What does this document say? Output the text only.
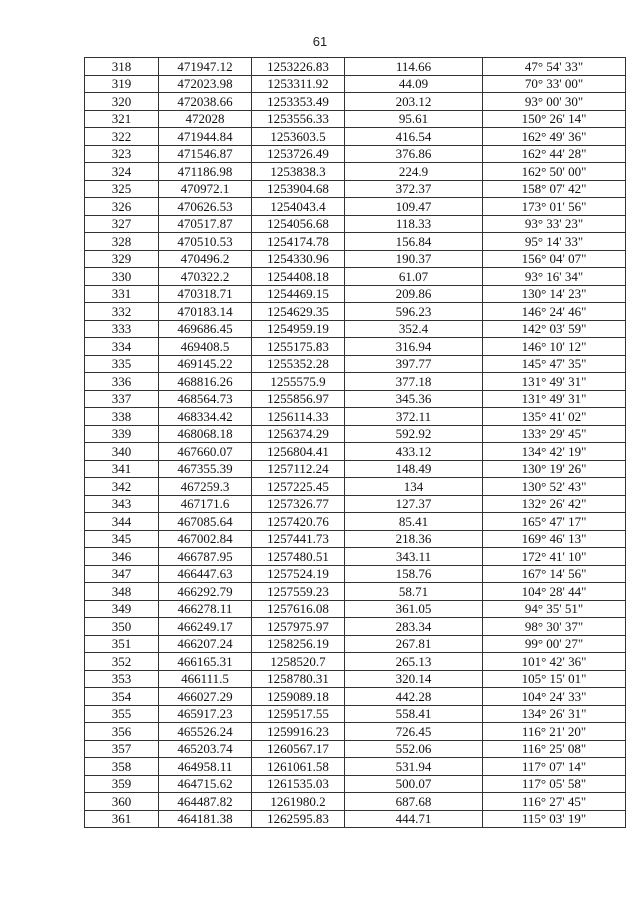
61
318	471947.12	1253226.83	114.66	47° 54' 33"
319	472023.98	1253311.92	44.09	70° 33' 00"
320	472038.66	1253353.49	203.12	93° 00' 30"
321	472028	1253556.33	95.61	150° 26' 14"
322	471944.84	1253603.5	416.54	162° 49' 36"
323	471546.87	1253726.49	376.86	162° 44' 28"
324	471186.98	1253838.3	224.9	162° 50' 00"
325	470972.1	1253904.68	372.37	158° 07' 42"
326	470626.53	1254043.4	109.47	173° 01' 56"
327	470517.87	1254056.68	118.33	93° 33' 23"
328	470510.53	1254174.78	156.84	95° 14' 33"
329	470496.2	1254330.96	190.37	156° 04' 07"
330	470322.2	1254408.18	61.07	93° 16' 34"
331	470318.71	1254469.15	209.86	130° 14' 23"
332	470183.14	1254629.35	596.23	146° 24' 46"
333	469686.45	1254959.19	352.4	142° 03' 59"
334	469408.5	1255175.83	316.94	146° 10' 12"
335	469145.22	1255352.28	397.77	145° 47' 35"
336	468816.26	1255575.9	377.18	131° 49' 31"
337	468564.73	1255856.97	345.36	131° 49' 31"
338	468334.42	1256114.33	372.11	135° 41' 02"
339	468068.18	1256374.29	592.92	133° 29' 45"
340	467660.07	1256804.41	433.12	134° 42' 19"
341	467355.39	1257112.24	148.49	130° 19' 26"
342	467259.3	1257225.45	134	130° 52' 43"
343	467171.6	1257326.77	127.37	132° 26' 42"
344	467085.64	1257420.76	85.41	165° 47' 17"
345	467002.84	1257441.73	218.36	169° 46' 13"
346	466787.95	1257480.51	343.11	172° 41' 10"
347	466447.63	1257524.19	158.76	167° 14' 56"
348	466292.79	1257559.23	58.71	104° 28' 44"
349	466278.11	1257616.08	361.05	94° 35' 51"
350	466249.17	1257975.97	283.34	98° 30' 37"
351	466207.24	1258256.19	267.81	99° 00' 27"
352	466165.31	1258520.7	265.13	101° 42' 36"
353	466111.5	1258780.31	320.14	105° 15' 01"
354	466027.29	1259089.18	442.28	104° 24' 33"
355	465917.23	1259517.55	558.41	134° 26' 31"
356	465526.24	1259916.23	726.45	116° 21' 20"
357	465203.74	1260567.17	552.06	116° 25' 08"
358	464958.11	1261061.58	531.94	117° 07' 14"
359	464715.62	1261535.03	500.07	117° 05' 58"
360	464487.82	1261980.2	687.68	116° 27' 45"
361	464181.38	1262595.83	444.71	115° 03' 19"
